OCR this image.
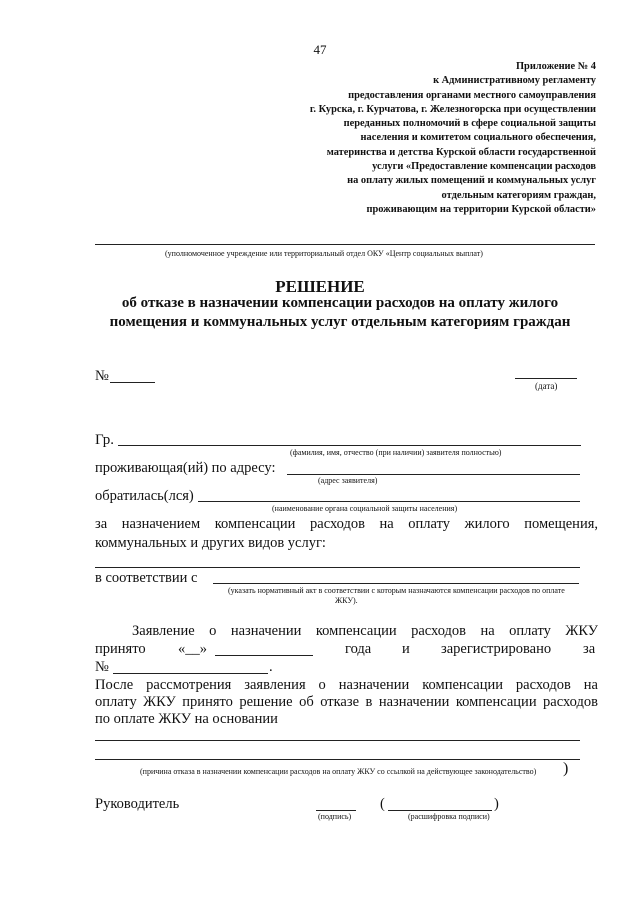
47
Приложение № 4
к Административному регламенту
предоставления органами местного самоуправления
г. Курска, г. Курчатова, г. Железногорска при осуществлении
переданных полномочий в сфере социальной защиты
населения и комитетом социального обеспечения,
материнства и детства Курской области государственной
услуги «Предоставление компенсации расходов
на оплату жилых помещений и коммунальных услуг
отдельным категориям граждан,
проживающим на территории Курской области»
(уполномоченное учреждение или территориальный отдел ОКУ «Центр социальных выплат)
РЕШЕНИЕ
об отказе в назначении компенсации расходов на оплату жилого
помещения и коммунальных услуг отдельным категориям граждан
№
(дата)
Гр.
(фамилия, имя, отчество (при наличии) заявителя полностью)
проживающая(ий) по адресу:
(адрес заявителя)
обратилась(лся)
(наименование органа социальной защиты населения)
за назначением компенсации расходов на оплату жилого помещения,
коммунальных и других видов услуг:
в соответствии с
(указать нормативный акт в соответствии с которым назначаются компенсации расходов по оплате
ЖКУ).
Заявление о назначении компенсации расходов на оплату ЖКУ
принято «__»	года и зарегистрировано за
№	.
После рассмотрения заявления о назначении компенсации расходов на
оплату ЖКУ принято решение об отказе в назначении компенсации расходов
по оплате ЖКУ на основании
(причина отказа в назначении компенсации расходов на оплату ЖКУ со ссылкой на действующее законодательство) )
Руководитель
(подпись)
(	)
(расшифровка подписи)
